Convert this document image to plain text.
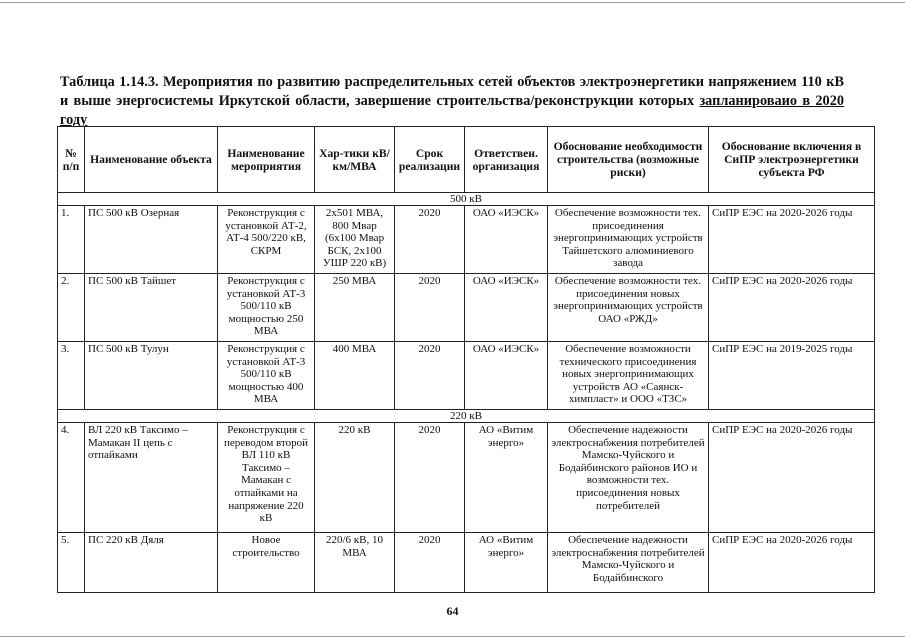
Таблица 1.14.3. Мероприятия по развитию распределительных сетей объектов электроэнергетики напряжением 110 кВ и выше энергосистемы Иркутской области, завершение строительства/реконструкции которых запланироваио в 2020 году
№ п/п	Наименование объекта	Наименование мероприятия	Хар-тики кВ/км/МВА	Срок реализации	Ответствен. организация	Обоснование необходимости строительства (возможные риски)	Обоснование включения в СиПР электроэнергетики субъекта РФ
500 кВ							
1.	ПС 500 кВ Озерная	Реконструкция с установкой АТ-2, АТ-4 500/220 кВ, СКРМ	2х501 МВА, 800 Мвар (6х100 Мвар БСК, 2х100 УШР 220 кВ)	2020	ОАО «ИЭСК»	Обеспечение возможности тех. присоединения энергопринимающих устройств Тайшетского алюминиевого завода	СиПР ЕЭС на 2020-2026 годы
2.	ПС 500 кВ Тайшет	Реконструкция с установкой АТ-3 500/110 кВ мощностью 250 МВА	250 МВА	2020	ОАО «ИЭСК»	Обеспечение возможности тех. присоединения новых энергопринимающих устройств ОАО «РЖД»	СиПР ЕЭС на 2020-2026 годы
3.	ПС 500 кВ Тулун	Реконструкция с установкой АТ-3 500/110 кВ мощностью 400 МВА	400 МВА	2020	ОАО «ИЭСК»	Обеспечение возможности технического присоединения новых энергопринимающих устройств АО «Саянск-химпласт» и ООО «ТЗС»	СиПР ЕЭС на 2019-2025 годы
220 кВ							
4.	ВЛ 220 кВ Таксимо – Мамакан II цепь с отпайками	Реконструкция с переводом второй ВЛ 110 кВ Таксимо – Мамакан с отпайками на напряжение 220 кВ	220 кВ	2020	АО «Витим энерго»	Обеспечение надежности электроснабжения потребителей Мамско-Чуйского и Бодайбинского районов ИО и возможности тех. присоединения новых потребителей	СиПР ЕЭС на 2020-2026 годы
5.	ПС 220 кВ Дяля	Новое строительство	220/6 кВ, 10 МВА	2020	АО «Витим энерго»	Обеспечение надежности электроснабжения потребителей Мамско-Чуйского и Бодайбинского	СиПР ЕЭС на 2020-2026 годы
64
